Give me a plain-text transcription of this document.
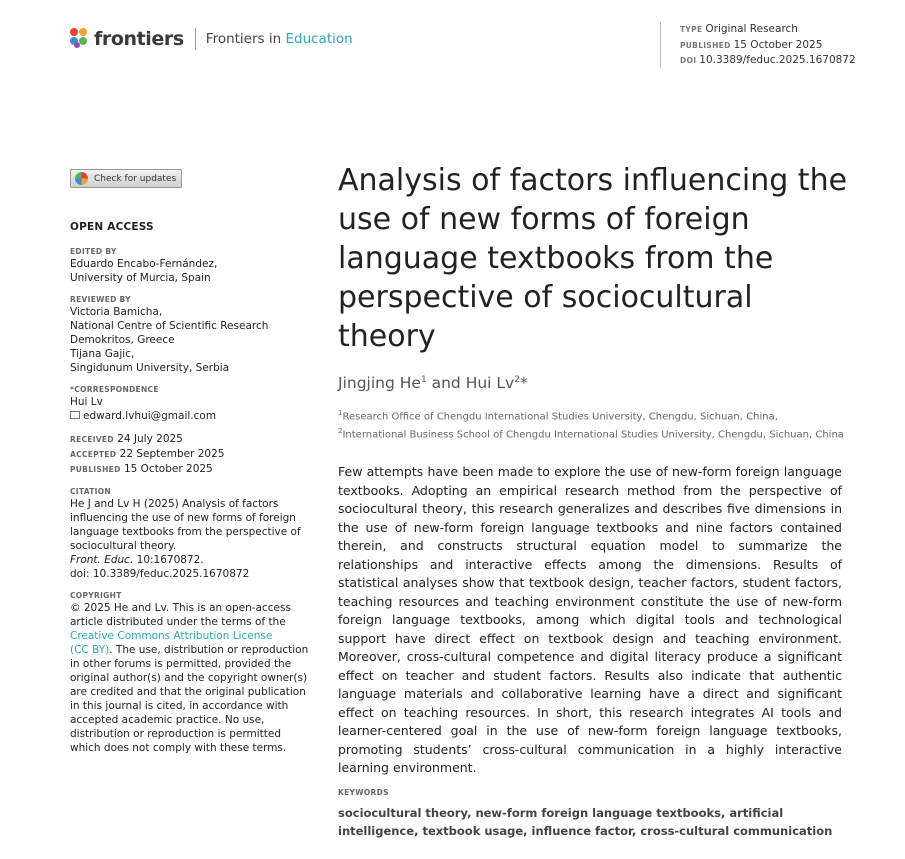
frontiers Frontiers in Education
TYPE Original Research
PUBLISHED 15 October 2025
DOI 10.3389/feduc.2025.1670872
Check for updates
OPEN ACCESS
EDITED BY
Eduardo Encabo-Fernández,
University of Murcia, Spain
REVIEWED BY
Victoria Bamicha,
National Centre of Scientific Research
Demokritos, Greece
Tijana Gajic,
Singidunum University, Serbia
*CORRESPONDENCE
Hui Lv
edward.lvhui@gmail.com
RECEIVED 24 July 2025
ACCEPTED 22 September 2025
PUBLISHED 15 October 2025
CITATION
He J and Lv H (2025) Analysis of factors
influencing the use of new forms of foreign
language textbooks from the perspective of
sociocultural theory.
Front. Educ. 10:1670872.
doi: 10.3389/feduc.2025.1670872
COPYRIGHT
© 2025 He and Lv. This is an open-access
article distributed under the terms of the
Creative Commons Attribution License
(CC BY). The use, distribution or reproduction
in other forums is permitted, provided the
original author(s) and the copyright owner(s)
are credited and that the original publication
in this journal is cited, in accordance with
accepted academic practice. No use,
distribution or reproduction is permitted
which does not comply with these terms.
Analysis of factors influencing the use of new forms of foreign language textbooks from the perspective of sociocultural theory
Jingjing He$^1$ and Hui Lv$^2$*
$^1$Research Office of Chengdu International Studies University, Chengdu, Sichuan, China, $^2$International Business School of Chengdu International Studies University, Chengdu, Sichuan, China
Few attempts have been made to explore the use of new-form foreign language textbooks. Adopting an empirical research method from the perspective of sociocultural theory, this research generalizes and describes five dimensions in the use of new-form foreign language textbooks and nine factors contained therein, and constructs structural equation model to summarize the relationships and interactive effects among the dimensions. Results of statistical analyses show that textbook design, teacher factors, student factors, teaching resources and teaching environment constitute the use of new-form foreign language textbooks, among which digital tools and technological support have direct effect on textbook design and teaching environment. Moreover, cross-cultural competence and digital literacy produce a significant effect on teacher and student factors. Results also indicate that authentic language materials and collaborative learning have a direct and significant effect on teaching resources. In short, this research integrates AI tools and learner-centered goal in the use of new-form foreign language textbooks, promoting students’ cross-cultural communication in a highly interactive learning environment.
KEYWORDS
sociocultural theory, new-form foreign language textbooks, artificial intelligence, textbook usage, influence factor, cross-cultural communication
